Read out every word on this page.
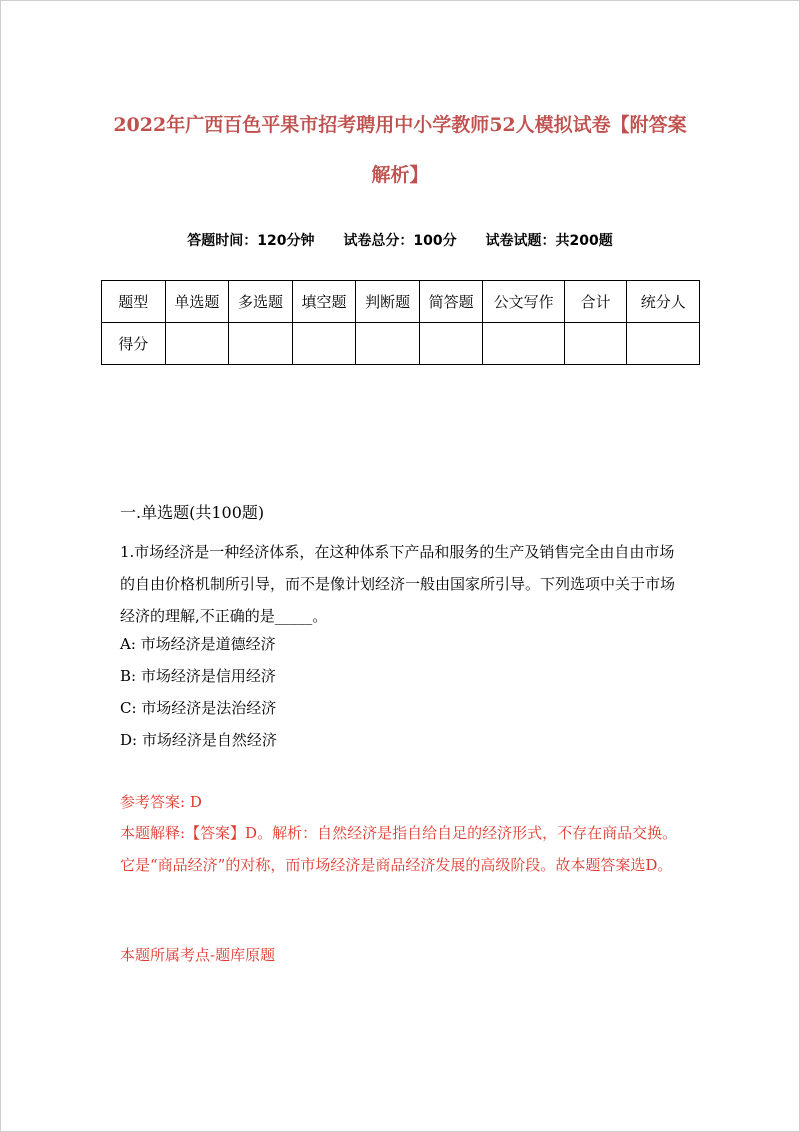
2022年广西百色平果市招考聘用中小学教师52人模拟试卷【附答案解析】
答题时间：120分钟 试卷总分：100分 试卷试题：共200题
题型	单选题	多选题	填空题	判断题	简答题	公文写作	合计	统分人
得分								
一.单选题(共100题)
1.市场经济是一种经济体系，在这种体系下产品和服务的生产及销售完全由自由市场的自由价格机制所引导，而不是像计划经济一般由国家所引导。下列选项中关于市场经济的理解,不正确的是_____。
A: 市场经济是道德经济
B: 市场经济是信用经济
C: 市场经济是法治经济
D: 市场经济是自然经济
参考答案: D
本题解释:【答案】D。解析：自然经济是指自给自足的经济形式，不存在商品交换。它是“商品经济”的对称，而市场经济是商品经济发展的高级阶段。故本题答案选D。
本题所属考点-题库原题
